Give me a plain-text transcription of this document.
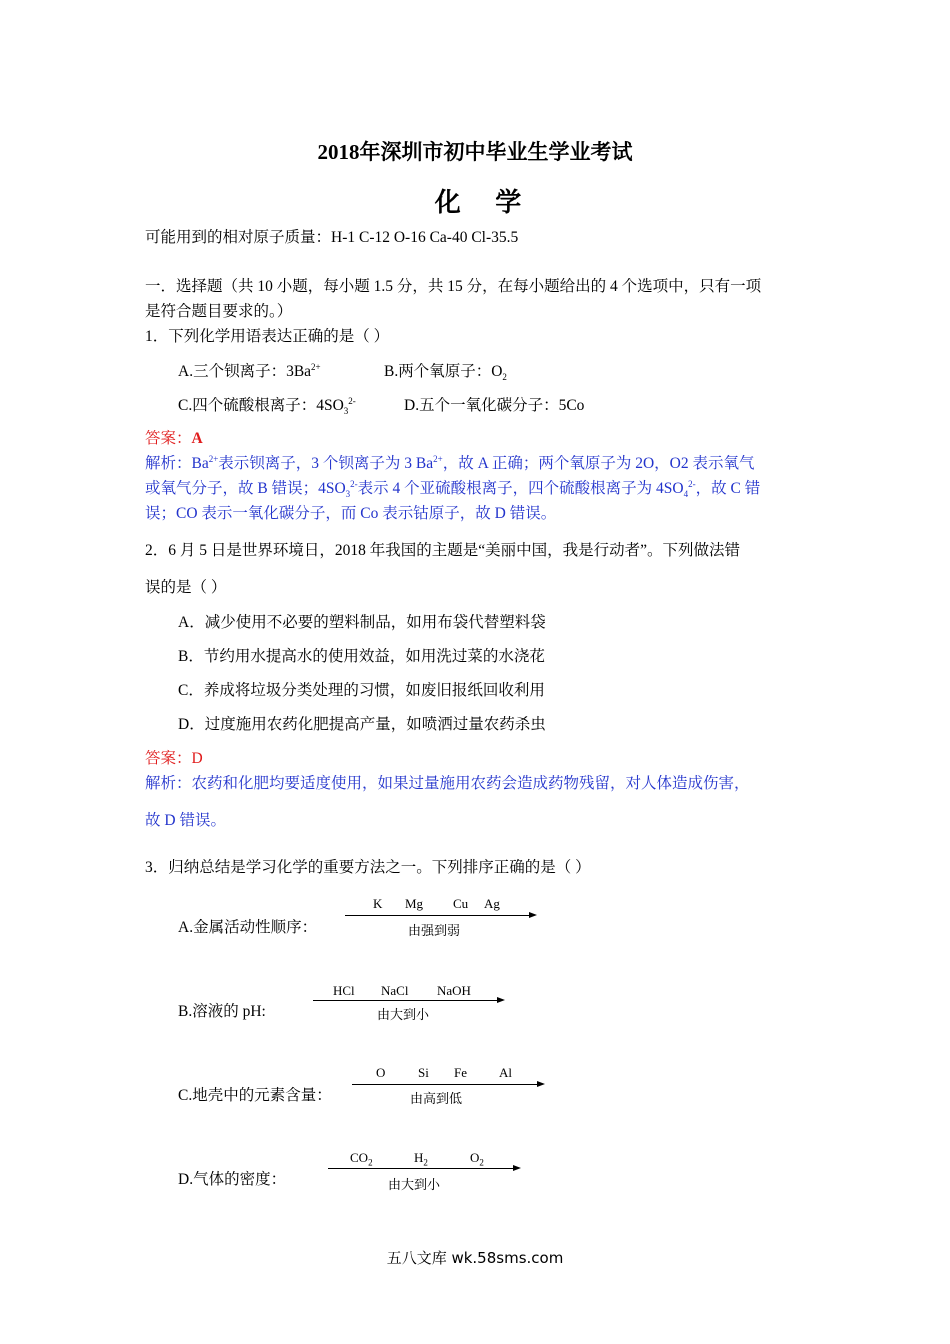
2018年深圳市初中毕业生学业考试
化 学
可能用到的相对原子质量：H-1 C-12 O-16 Ca-40 Cl-35.5
一．选择题（共 10 小题，每小题 1.5 分，共 15 分，在每小题给出的 4 个选项中，只有一项
是符合题目要求的。）
1．下列化学用语表达正确的是（ ）
A.三个钡离子：$3Ba^{2+}$	B.两个氧原子：$O_2$
C.四个硫酸根离子：$4SO_3^{2-}$	D.五个一氧化碳分子：5Co
答案：A
解析：$Ba^{2+}$表示钡离子，3 个钡离子为 3 $Ba^{2+}$，故 A 正确；两个氧原子为 2O，O2 表示氧气
或氧气分子，故 B 错误；$4SO_3^{2-}$表示 4 个亚硫酸根离子，四个硫酸根离子为 $4SO_4^{2-}$，故 C 错
误；CO 表示一氧化碳分子，而 Co 表示钴原子，故 D 错误。
2．6 月 5 日是世界环境日，2018 年我国的主题是“美丽中国，我是行动者”。下列做法错
误的是（ ）
A．减少使用不必要的塑料制品，如用布袋代替塑料袋
B．节约用水提高水的使用效益，如用洗过菜的水浇花
C．养成将垃圾分类处理的习惯，如废旧报纸回收利用
D．过度施用农药化肥提高产量，如喷洒过量农药杀虫
答案：D
解析：农药和化肥均要适度使用，如果过量施用农药会造成药物残留，对人体造成伤害，
故 D 错误。
3．归纳总结是学习化学的重要方法之一。下列排序正确的是（ ）
A.金属活动性顺序：
K Mg Cu Ag
由强到弱
B.溶液的 pH:
HCl NaCl NaOH
由大到小
C.地壳中的元素含量：
O	Si Fe Al
由高到低
D.气体的密度：
$CO_2$	$H_2$	$O_2$
由大到小
五八文库 wk.58sms.com
